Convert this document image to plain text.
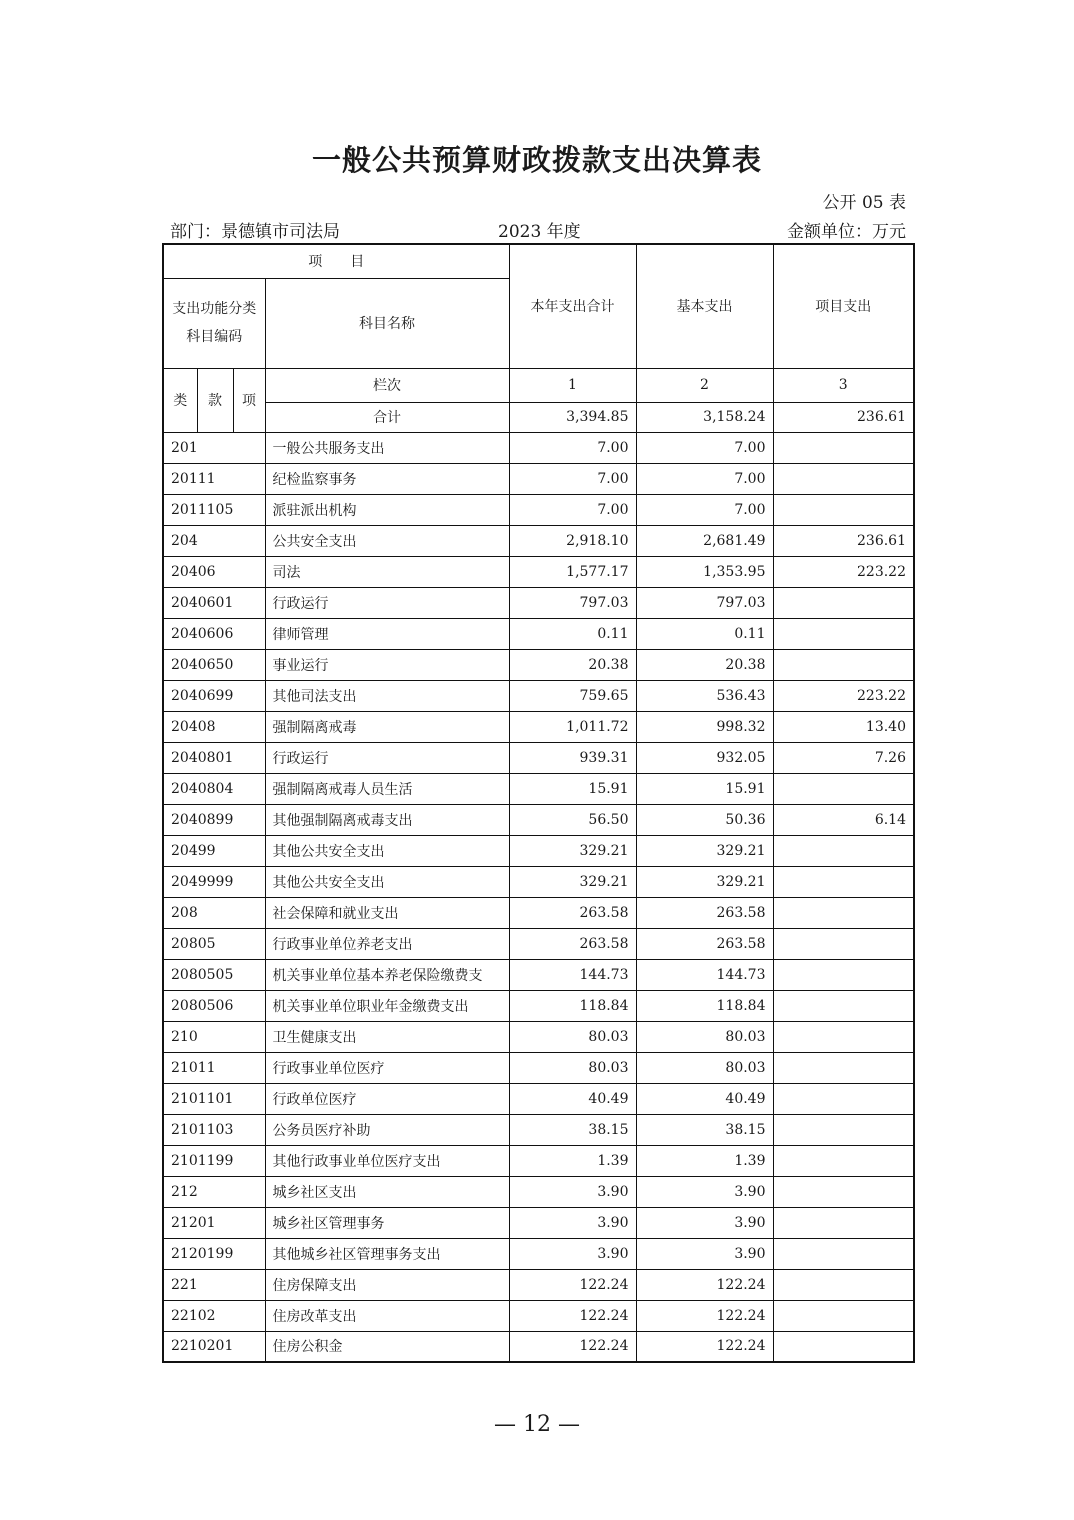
一般公共预算财政拨款支出决算表
公开 05 表
部门：景德镇市司法局	2023 年度	金额单位：万元
项　　目				本年支出合计	基本支出	项目支出
支出功能分类科目编码			科目名称			
类	款	项	栏次	1	2	3
			合计	3,394.85	3,158.24	236.61
201			一般公共服务支出	7.00	7.00	
20111			纪检监察事务	7.00	7.00	
2011105			派驻派出机构	7.00	7.00	
204			公共安全支出	2,918.10	2,681.49	236.61
20406			司法	1,577.17	1,353.95	223.22
2040601			行政运行	797.03	797.03	
2040606			律师管理	0.11	0.11	
2040650			事业运行	20.38	20.38	
2040699			其他司法支出	759.65	536.43	223.22
20408			强制隔离戒毒	1,011.72	998.32	13.40
2040801			行政运行	939.31	932.05	7.26
2040804			强制隔离戒毒人员生活	15.91	15.91	
2040899			其他强制隔离戒毒支出	56.50	50.36	6.14
20499			其他公共安全支出	329.21	329.21	
2049999			其他公共安全支出	329.21	329.21	
208			社会保障和就业支出	263.58	263.58	
20805			行政事业单位养老支出	263.58	263.58	
2080505			机关事业单位基本养老保险缴费支	144.73	144.73	
2080506			机关事业单位职业年金缴费支出	118.84	118.84	
210			卫生健康支出	80.03	80.03	
21011			行政事业单位医疗	80.03	80.03	
2101101			行政单位医疗	40.49	40.49	
2101103			公务员医疗补助	38.15	38.15	
2101199			其他行政事业单位医疗支出	1.39	1.39	
212			城乡社区支出	3.90	3.90	
21201			城乡社区管理事务	3.90	3.90	
2120199			其他城乡社区管理事务支出	3.90	3.90	
221			住房保障支出	122.24	122.24	
22102			住房改革支出	122.24	122.24	
2210201			住房公积金	122.24	122.24	
— 12 —
